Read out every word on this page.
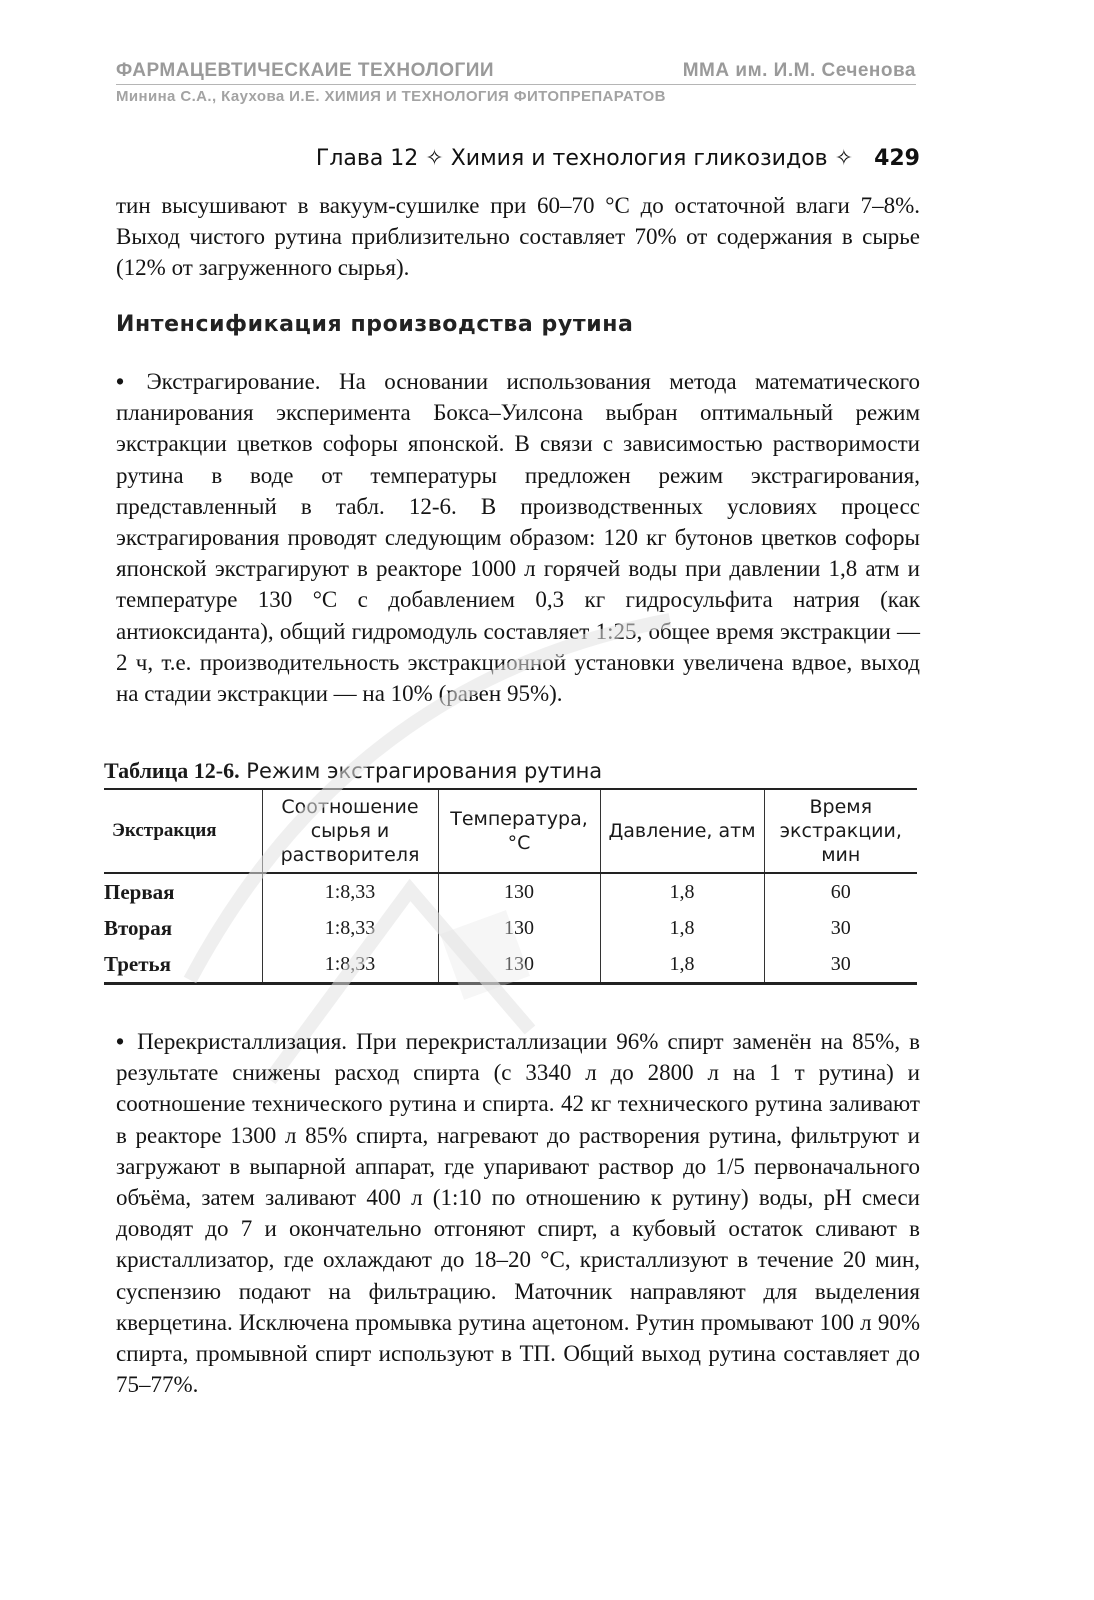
ФАРМАЦЕВТИЧЕСКАИЕ ТЕХНОЛОГИИ	ММА им. И.М. Сеченова
Минина С.А., Каухова И.Е. ХИМИЯ И ТЕХНОЛОГИЯ ФИТОПРЕПАРАТОВ
Глава 12 ✧ Химия и технология гликозидов ✧ 429
тин высушивают в вакуум-сушилке при 60–70 °С до остаточной влаги 7–8%. Выход чистого рутина приблизительно составляет 70% от содержания в сырье (12% от загруженного сырья).
Интенсификация производства рутина
• Экстрагирование. На основании использования метода математического планирования эксперимента Бокса–Уилсона выбран оптимальный режим экстракции цветков софоры японской. В связи с зависимостью растворимости рутина в воде от температуры предложен режим экстрагирования, представленный в табл. 12-6. В производственных условиях процесс экстрагирования проводят следующим образом: 120 кг бутонов цветков софоры японской экстрагируют в реакторе 1000 л горячей воды при давлении 1,8 атм и температуре 130 °С с добавлением 0,3 кг гидросульфита натрия (как антиоксиданта), общий гидромодуль составляет 1:25, общее время экстракции — 2 ч, т.е. производительность экстракционной установки увеличена вдвое, выход на стадии экстракции — на 10% (равен 95%).
Таблица 12-6. Режим экстрагирования рутина
Экстракция	Соотношение сырья и растворителя	Температура, °С	Давление, атм	Время экстракции, мин
Первая	1:8,33	130	1,8	60
Вторая	1:8,33	130	1,8	30
Третья	1:8,33	130	1,8	30
• Перекристаллизация. При перекристаллизации 96% спирт заменён на 85%, в результате снижены расход спирта (с 3340 л до 2800 л на 1 т рутина) и соотношение технического рутина и спирта. 42 кг технического рутина заливают в реакторе 1300 л 85% спирта, нагревают до растворения рутина, фильтруют и загружают в выпарной аппарат, где упаривают раствор до 1/5 первоначального объёма, затем заливают 400 л (1:10 по отношению к рутину) воды, pH смеси доводят до 7 и окончательно отгоняют спирт, а кубовый остаток сливают в кристаллизатор, где охлаждают до 18–20 °С, кристаллизуют в течение 20 мин, суспензию подают на фильтрацию. Маточник направляют для выделения кверцетина. Исключена промывка рутина ацетоном. Рутин промывают 100 л 90% спирта, промывной спирт используют в ТП. Общий выход рутина составляет до 75–77%.
